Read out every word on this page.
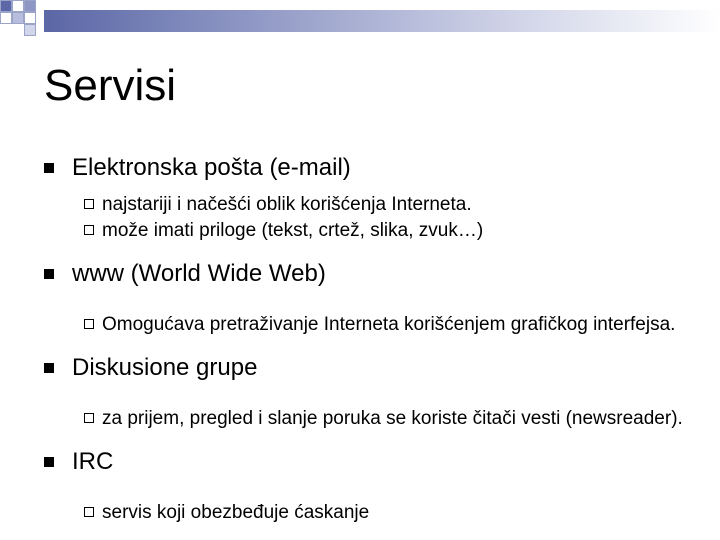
Servisi
Elektronska pošta (e-mail)
najstariji i načešći oblik korišćenja Interneta.
može imati priloge (tekst, crtež, slika, zvuk…)
www (World Wide Web)
Omogućava pretraživanje Interneta korišćenjem grafičkog interfejsa.
Diskusione grupe
za prijem, pregled i slanje poruka se koriste čitači vesti (newsreader).
IRC
servis koji obezbeđuje ćaskanje
